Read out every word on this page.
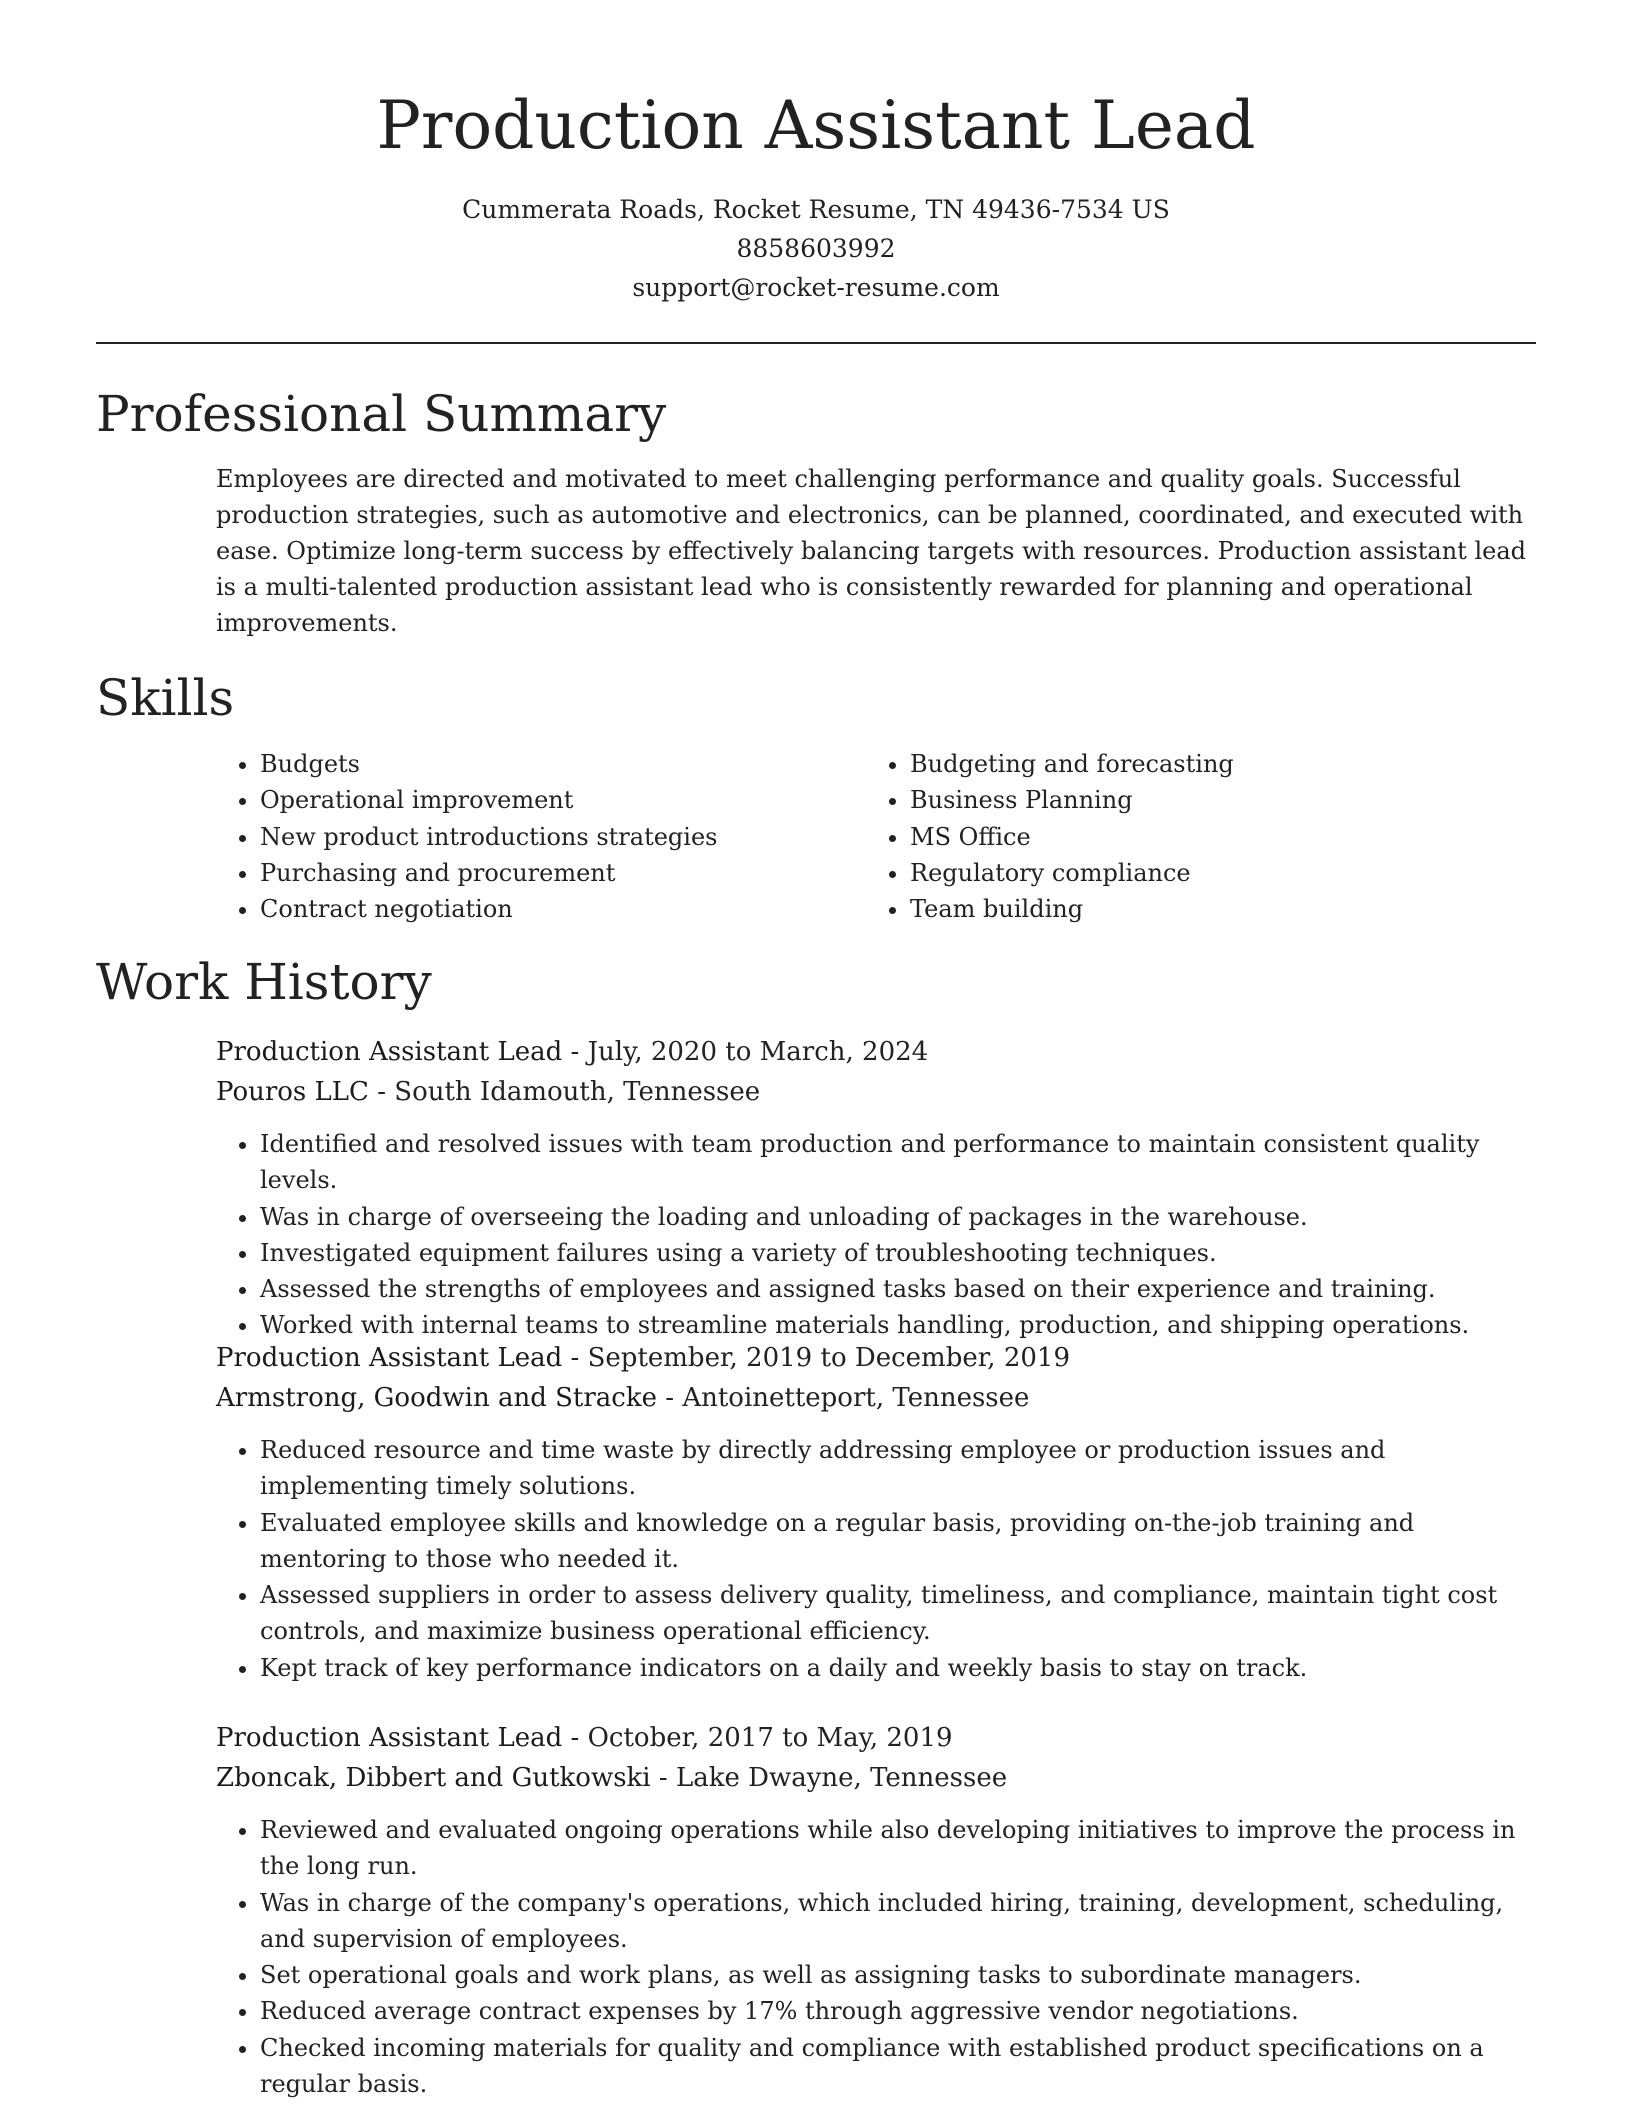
Production Assistant Lead
Cummerata Roads, Rocket Resume, TN 49436-7534 US
8858603992
support@rocket-resume.com
Professional Summary

Employees are directed and motivated to meet challenging performance and quality goals. Successful production strategies, such as automotive and electronics, can be planned, coordinated, and executed with ease. Optimize long-term success by effectively balancing targets with resources. Production assistant lead is a multi-talented production assistant lead who is consistently rewarded for planning and operational improvements.

Skills
• Budgets
• Operational improvement
• New product introductions strategies
• Purchasing and procurement
• Contract negotiation
• Budgeting and forecasting
• Business Planning
• MS Office
• Regulatory compliance
• Team building
Work History
Production Assistant Lead - July, 2020 to March, 2024
Pouros LLC - South Idamouth, Tennessee
• Identified and resolved issues with team production and performance to maintain consistent quality levels.
• Was in charge of overseeing the loading and unloading of packages in the warehouse.
• Investigated equipment failures using a variety of troubleshooting techniques.
• Assessed the strengths of employees and assigned tasks based on their experience and training.
• Worked with internal teams to streamline materials handling, production, and shipping operations.
Production Assistant Lead - September, 2019 to December, 2019
Armstrong, Goodwin and Stracke - Antoinetteport, Tennessee
• Reduced resource and time waste by directly addressing employee or production issues and implementing timely solutions.
• Evaluated employee skills and knowledge on a regular basis, providing on-the-job training and mentoring to those who needed it.
• Assessed suppliers in order to assess delivery quality, timeliness, and compliance, maintain tight cost controls, and maximize business operational efficiency.
• Kept track of key performance indicators on a daily and weekly basis to stay on track.
Production Assistant Lead - October, 2017 to May, 2019
Zboncak, Dibbert and Gutkowski - Lake Dwayne, Tennessee
• Reviewed and evaluated ongoing operations while also developing initiatives to improve the process in the long run.
• Was in charge of the company's operations, which included hiring, training, development, scheduling, and supervision of employees.
• Set operational goals and work plans, as well as assigning tasks to subordinate managers.
• Reduced average contract expenses by 17% through aggressive vendor negotiations.
• Checked incoming materials for quality and compliance with established product specifications on a regular basis.
